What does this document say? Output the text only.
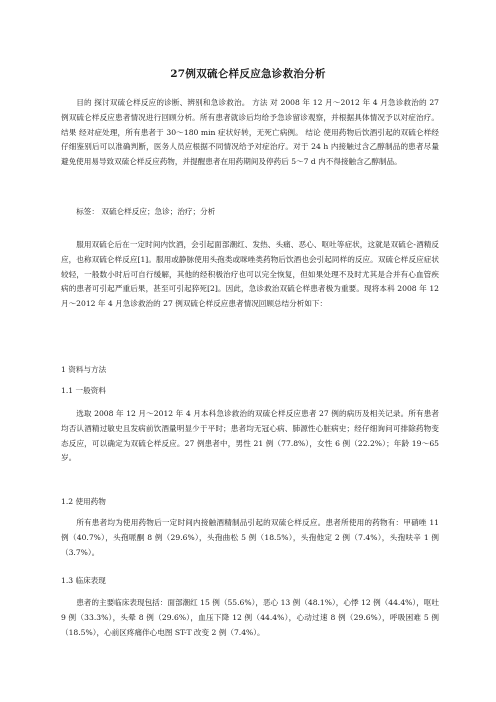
27例双硫仑样反应急诊救治分析

目的 探讨双硫仑样反应的诊断、辨别和急诊救治。 方法 对 2008 年 12 月～2012 年 4 月急诊救治的 27 例双硫仑样反应患者情况进行回顾分析。所有患者就诊后均给予急诊留诊观察，并根据具体情况予以对症治疗。 结果 经对症处理，所有患者于 30～180 min 症状好转，无死亡病例。 结论 使用药物后饮酒引起的双硫仑样经仔细鉴别后可以准确判断，医务人员应根据不同情况给予对症治疗。对于 24 h 内接触过含乙醇制品的患者尽量避免使用易导致双硫仑样反应药物，并提醒患者在用药期间及停药后 5～7 d 内不得接触含乙醇制品。

标签： 双硫仑样反应；急诊；治疗；分析

服用双硫仑后在一定时间内饮酒，会引起面部潮红、发热、头痛、恶心、呕吐等症状，这就是双硫仑-酒精反应，也称双硫仑样反应[1]。服用或静脉使用头孢类或咪唑类药物后饮酒也会引起同样的反应。双硫仑样反应症状较轻，一般数小时后可自行缓解，其他的经积极治疗也可以完全恢复，但如果处理不及时尤其是合并有心血管疾病的患者可引起严重后果，甚至可引起猝死[2]。因此，急诊救治双硫仑样患者极为重要。现将本科 2008 年 12 月～2012 年 4 月急诊救治的 27 例双硫仑样反应患者情况回顾总结分析如下：

1 资料与方法
1.1 一般资料

选取 2008 年 12 月～2012 年 4 月本科急诊救治的双硫仑样反应患者 27 例的病历及相关记录。所有患者均否认酒精过敏史且发病前饮酒量明显少于平时；患者均无冠心病、肺源性心脏病史；经仔细询问可排除药物变态反应，可以确定为双硫仑样反应。27 例患者中，男性 21 例（77.8%），女性 6 例（22.2%）；年龄 19～65 岁。

1.2 使用药物

所有患者均为使用药物后一定时间内接触酒精制品引起的双硫仑样反应。患者所使用的药物有：甲硝唑 11 例（40.7%），头孢哌酮 8 例（29.6%），头孢曲松 5 例（18.5%），头孢他定 2 例（7.4%），头孢呋辛 1 例（3.7%）。

1.3 临床表现

患者的主要临床表现包括：面部潮红 15 例（55.6%），恶心 13 例（48.1%），心悸 12 例（44.4%），呕吐 9 例（33.3%），头晕 8 例（29.6%），血压下降 12 例（44.4%），心动过速 8 例（29.6%），呼吸困难 5 例（18.5%），心前区疼痛伴心电图 ST-T 改变 2 例（7.4%）。
